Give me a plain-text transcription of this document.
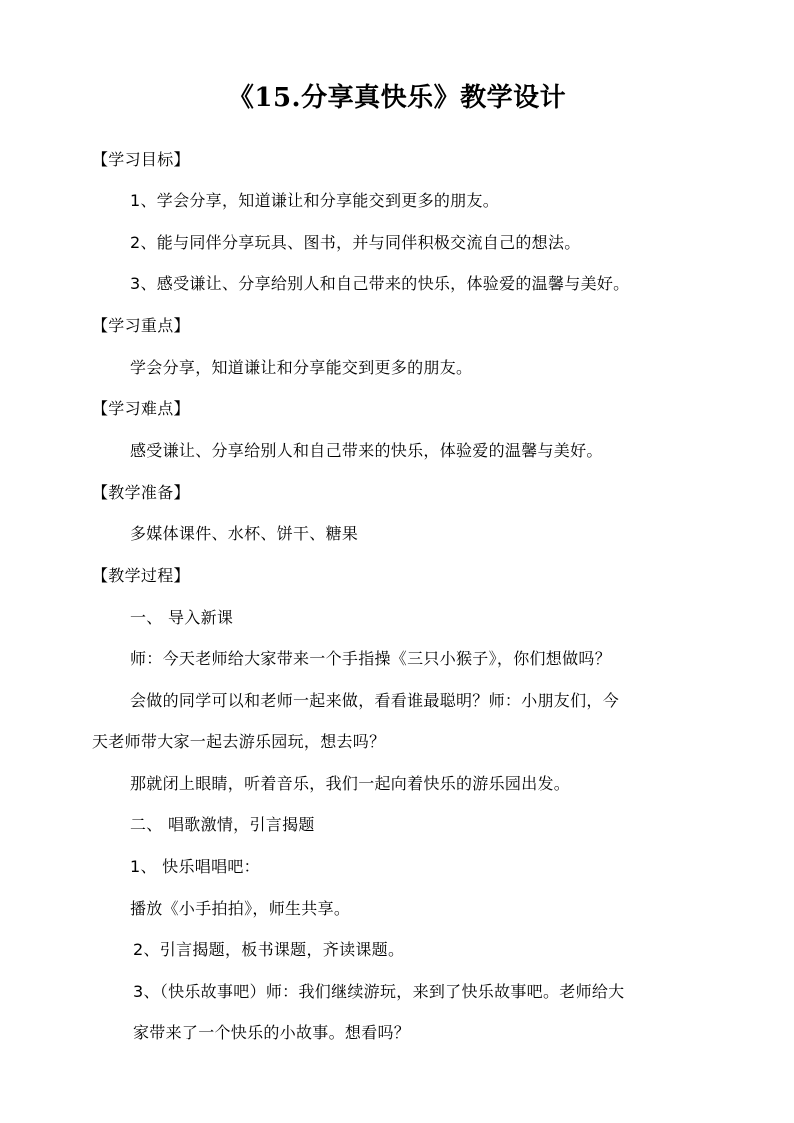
《15.分享真快乐》教学设计
【学习目标】
1、学会分享，知道谦让和分享能交到更多的朋友。
2、能与同伴分享玩具、图书，并与同伴积极交流自己的想法。
3、感受谦让、分享给别人和自己带来的快乐，体验爱的温馨与美好。
【学习重点】
学会分享，知道谦让和分享能交到更多的朋友。
【学习难点】
感受谦让、分享给别人和自己带来的快乐，体验爱的温馨与美好。
【教学准备】
多媒体课件、水杯、饼干、糖果
【教学过程】
一、 导入新课
师：今天老师给大家带来一个手指操《三只小猴子》，你们想做吗？
会做的同学可以和老师一起来做，看看谁最聪明？师：小朋友们，今
天老师带大家一起去游乐园玩，想去吗？
那就闭上眼睛，听着音乐，我们一起向着快乐的游乐园出发。
二、 唱歌激情，引言揭题
1、 快乐唱唱吧：
播放《小手拍拍》，师生共享。
2、引言揭题，板书课题，齐读课题。
3、（快乐故事吧）师：我们继续游玩，来到了快乐故事吧。老师给大
家带来了一个快乐的小故事。想看吗？
